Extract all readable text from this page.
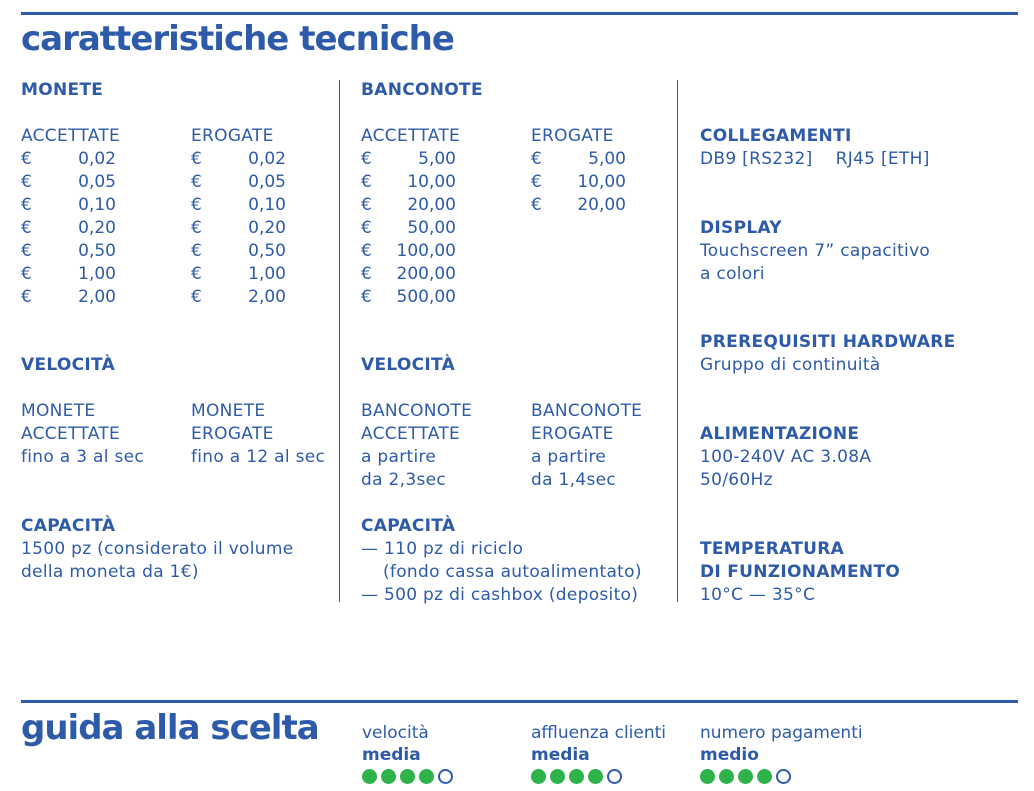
caratteristiche tecniche
MONETE
ACCETTATE
€	0,02
€	0,05
€	0,10
€	0,20
€	0,50
€	1,00
€	2,00
EROGATE
€	0,02
€	0,05
€	0,10
€	0,20
€	0,50
€	1,00
€	2,00
VELOCITÀ
MONETE
ACCETTATE
fino a 3 al sec
MONETE
EROGATE
fino a 12 al sec
CAPACITÀ
1500 pz (considerato il volume
della moneta da 1€)
BANCONOTE
ACCETTATE
€	5,00
€ 10,00
€ 20,00
€ 50,00
€ 100,00
€ 200,00
€ 500,00
EROGATE
€	5,00
€ 10,00
€ 20,00
VELOCITÀ
BANCONOTE
ACCETTATE
a partire
da 2,3sec
BANCONOTE
EROGATE
a partire
da 1,4sec
CAPACITÀ
— 110 pz di riciclo
(fondo cassa autoalimentato)
— 500 pz di cashbox (deposito)
COLLEGAMENTI
DB9 [RS232] RJ45 [ETH]
DISPLAY
Touchscreen 7” capacitivo
a colori
PREREQUISITI HARDWARE
Gruppo di continuità
ALIMENTAZIONE
100-240V AC 3.08A
50/60Hz
TEMPERATURA
DI FUNZIONAMENTO
10°C — 35°C
guida alla scelta	velocità
media
affluenza clienti
media
numero pagamenti
medio
